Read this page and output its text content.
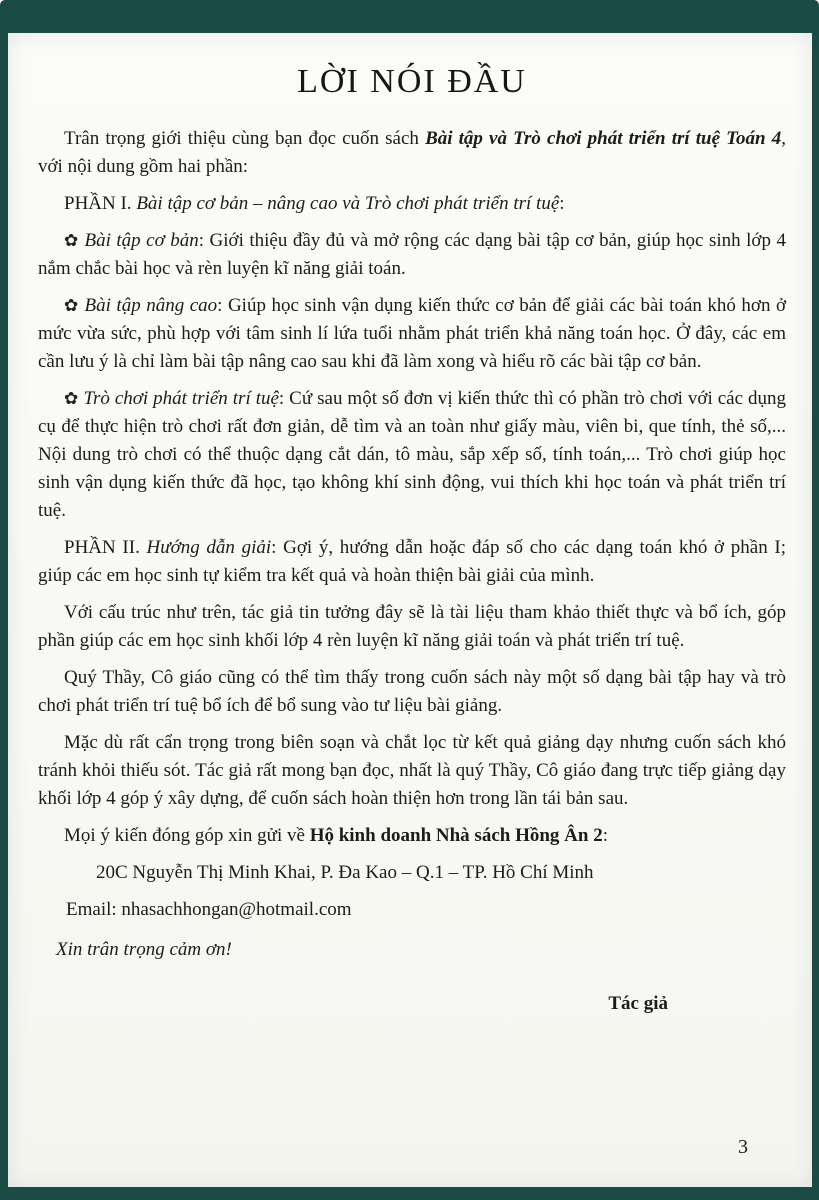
LỜI NÓI ĐẦU

Trân trọng giới thiệu cùng bạn đọc cuốn sách Bài tập và Trò chơi phát triển trí tuệ Toán 4, với nội dung gồm hai phần:

PHẦN I. Bài tập cơ bản – nâng cao và Trò chơi phát triển trí tuệ:

✿ Bài tập cơ bản: Giới thiệu đầy đủ và mở rộng các dạng bài tập cơ bản, giúp học sinh lớp 4 nắm chắc bài học và rèn luyện kĩ năng giải toán.

✿ Bài tập nâng cao: Giúp học sinh vận dụng kiến thức cơ bản để giải các bài toán khó hơn ở mức vừa sức, phù hợp với tâm sinh lí lứa tuổi nhằm phát triển khả năng toán học. Ở đây, các em cần lưu ý là chỉ làm bài tập nâng cao sau khi đã làm xong và hiểu rõ các bài tập cơ bản.

✿ Trò chơi phát triển trí tuệ: Cứ sau một số đơn vị kiến thức thì có phần trò chơi với các dụng cụ để thực hiện trò chơi rất đơn giản, dễ tìm và an toàn như giấy màu, viên bi, que tính, thẻ số,... Nội dung trò chơi có thể thuộc dạng cắt dán, tô màu, sắp xếp số, tính toán,... Trò chơi giúp học sinh vận dụng kiến thức đã học, tạo không khí sinh động, vui thích khi học toán và phát triển trí tuệ.

PHẦN II. Hướng dẫn giải: Gợi ý, hướng dẫn hoặc đáp số cho các dạng toán khó ở phần I; giúp các em học sinh tự kiểm tra kết quả và hoàn thiện bài giải của mình.

Với cấu trúc như trên, tác giả tin tưởng đây sẽ là tài liệu tham khảo thiết thực và bổ ích, góp phần giúp các em học sinh khối lớp 4 rèn luyện kĩ năng giải toán và phát triển trí tuệ.

Quý Thầy, Cô giáo cũng có thể tìm thấy trong cuốn sách này một số dạng bài tập hay và trò chơi phát triển trí tuệ bổ ích để bổ sung vào tư liệu bài giảng.

Mặc dù rất cẩn trọng trong biên soạn và chắt lọc từ kết quả giảng dạy nhưng cuốn sách khó tránh khỏi thiếu sót. Tác giả rất mong bạn đọc, nhất là quý Thầy, Cô giáo đang trực tiếp giảng dạy khối lớp 4 góp ý xây dựng, để cuốn sách hoàn thiện hơn trong lần tái bản sau.

Mọi ý kiến đóng góp xin gửi về Hộ kinh doanh Nhà sách Hồng Ân 2:

20C Nguyễn Thị Minh Khai, P. Đa Kao – Q.1 – TP. Hồ Chí Minh

Email: nhasachhongan@hotmail.com

Xin trân trọng cảm ơn!

Tác giả

3
